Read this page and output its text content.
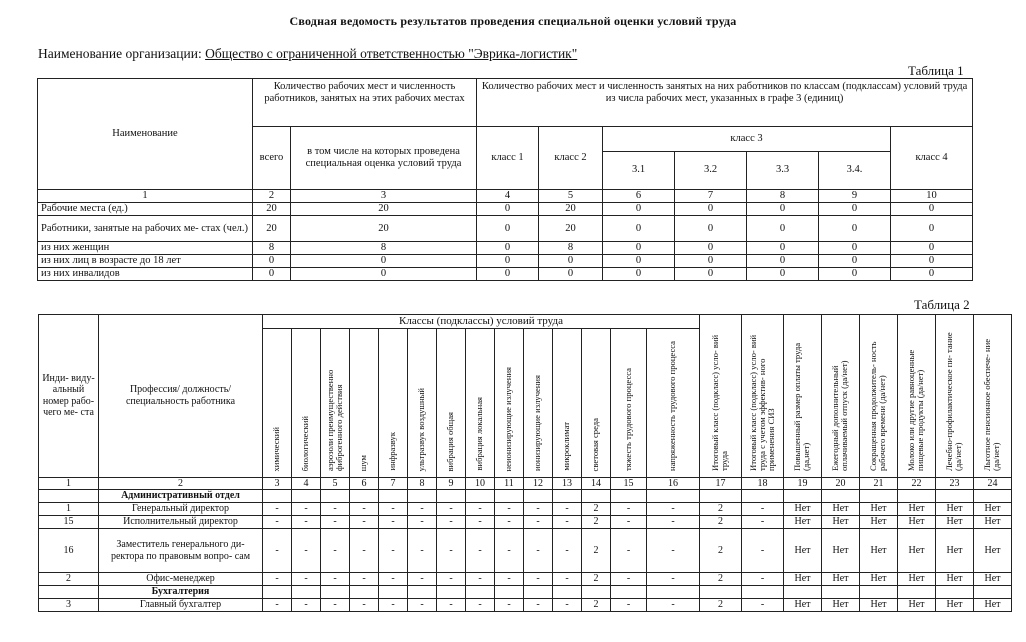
Сводная ведомость результатов проведения специальной оценки условий труда
Наименование организации: Общество с ограниченной ответственностью "Эврика-логистик"
Таблица 1
Наименование	Количество рабочих мест и численность работников, занятых на этих рабочих местах		Количество рабочих мест и численность занятых на них работников по классам (подклассам) условий труда из числа рабочих мест, указанных в графе 3 (единиц)						
	всего	в том числе на которых проведена специальная оценка условий труда	класс 1	класс 2	класс 3				класс 4
					3.1	3.2	3.3	3.4.	
1	2	3	4	5	6	7	8	9	10
Рабочие места (ед.)	20	20	0	20	0	0	0	0	0
Работники, занятые на рабочих ме- стах (чел.)	20	20	0	20	0	0	0	0	0
из них женщин	8	8	0	8	0	0	0	0	0
из них лиц в возрасте до 18 лет	0	0	0	0	0	0	0	0	0
из них инвалидов	0	0	0	0	0	0	0	0	0
Таблица 2
Инди- виду- альный номер рабо- чего ме- ста	Профессия/ должность/ специальность работника	Классы (подклассы) условий труда														Итоговый класс (подкласс) усло- вий труда	Итоговый класс (подкласс) усло- вий труда с учетом эффектив- ного применения СИЗ	Повышенный размер оплаты труда (да,нет)	Ежегодный дополнительный оплачиваемый отпуск (да/нет)	Сокращенная продолжитель- ность рабочего времени (да/нет)	Молоко или другие равноценные пищевые продукты (да/нет)	Лечебно-профилактическое пи- тание (да/нет)	Льготное пенсионное обеспече- ние (да/нет)
		химический	биологический	аэрозоли преимущественно фиброгенного действия	шум	инфразвук	ультразвук воздушный	вибрация общая	вибрация локальная	неионизирующие излучения	ионизирующие излучения	микроклимат	световая среда	тяжесть трудового процесса	напряженность трудового процесса								
1	2	3	4	5	6	7	8	9	10	11	12	13	14	15	16	17	18	19	20	21	22	23	24
	Административный отдел																						
1	Генеральный директор	-	-	-	-	-	-	-	-	-	-	-	2	-	-	2	-	Нет	Нет	Нет	Нет	Нет	Нет
15	Исполнительный директор	-	-	-	-	-	-	-	-	-	-	-	2	-	-	2	-	Нет	Нет	Нет	Нет	Нет	Нет
16	Заместитель генерального ди- ректора по правовым вопро- сам	-	-	-	-	-	-	-	-	-	-	-	2	-	-	2	-	Нет	Нет	Нет	Нет	Нет	Нет
2	Офис-менеджер	-	-	-	-	-	-	-	-	-	-	-	2	-	-	2	-	Нет	Нет	Нет	Нет	Нет	Нет
	Бухгалтерия																						
3	Главный бухгалтер	-	-	-	-	-	-	-	-	-	-	-	2	-	-	2	-	Нет	Нет	Нет	Нет	Нет	Нет
